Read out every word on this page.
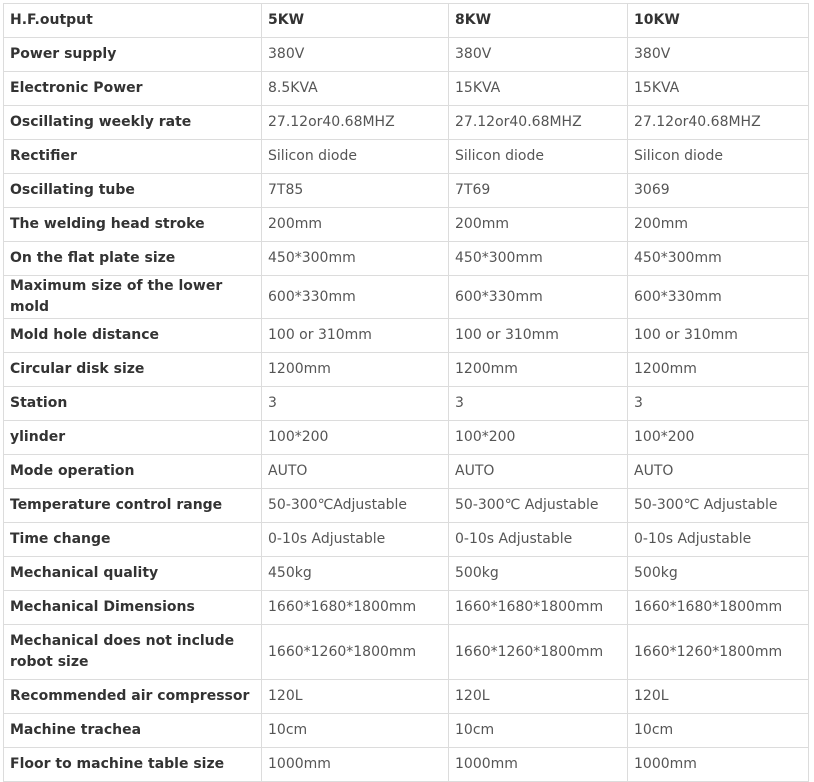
H.F.output	5KW	8KW	10KW
Power supply	380V	380V	380V
Electronic Power	8.5KVA	15KVA	15KVA
Oscillating weekly rate	27.12or40.68MHZ	27.12or40.68MHZ	27.12or40.68MHZ
Rectifier	Silicon diode	Silicon diode	Silicon diode
Oscillating tube	7T85	7T69	3069
The welding head stroke	200mm	200mm	200mm
On the flat plate size	450*300mm	450*300mm	450*300mm
Maximum size of the lower mold	600*330mm	600*330mm	600*330mm
Mold hole distance	100 or 310mm	100 or 310mm	100 or 310mm
Circular disk size	1200mm	1200mm	1200mm
Station	3	3	3
ylinder	100*200	100*200	100*200
Mode operation	AUTO	AUTO	AUTO
Temperature control range	50-300℃Adjustable	50-300℃ Adjustable	50-300℃ Adjustable
Time change	0-10s Adjustable	0-10s Adjustable	0-10s Adjustable
Mechanical quality	450kg	500kg	500kg
Mechanical Dimensions	1660*1680*1800mm	1660*1680*1800mm	1660*1680*1800mm
Mechanical does not include robot size	1660*1260*1800mm	1660*1260*1800mm	1660*1260*1800mm
Recommended air compressor	120L	120L	120L
Machine trachea	10cm	10cm	10cm
Floor to machine table size	1000mm	1000mm	1000mm
